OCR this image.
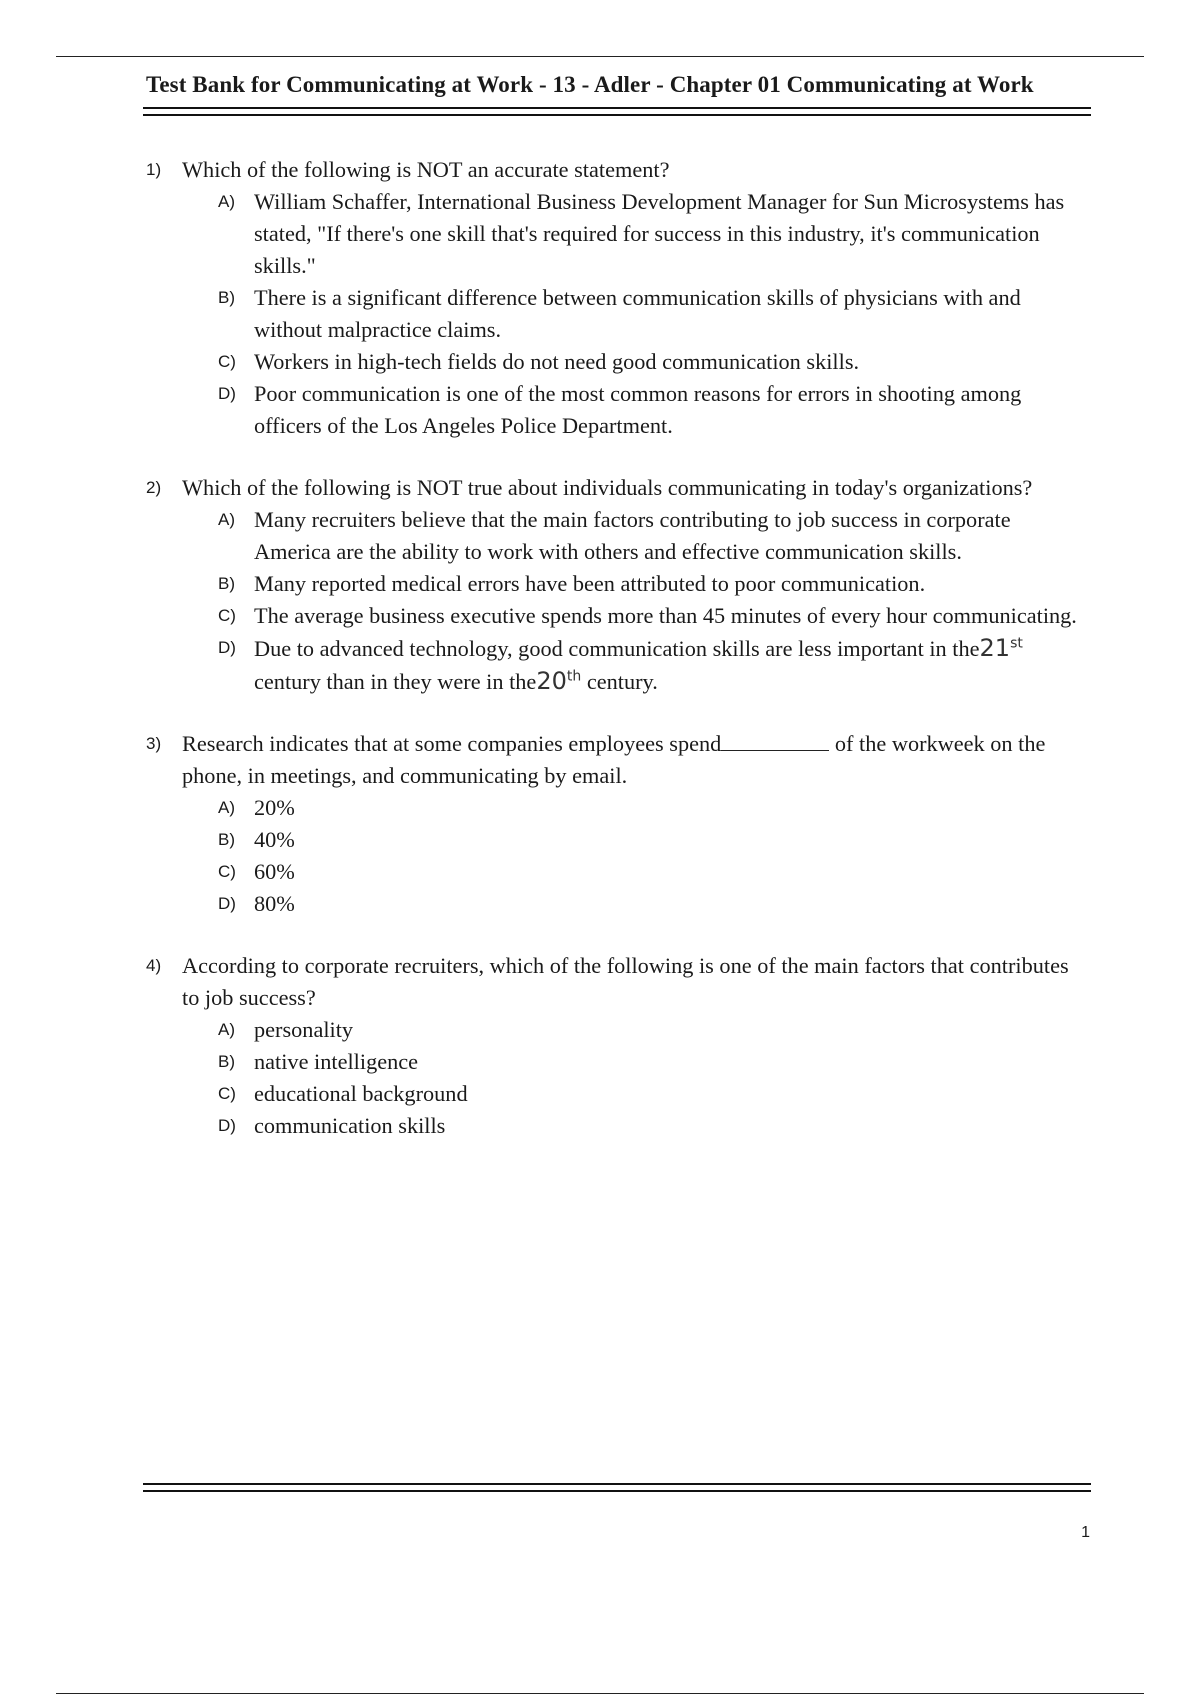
Test Bank for Communicating at Work - 13 - Adler - Chapter 01 Communicating at Work
1) Which of the following is NOT an accurate statement?
A) William Schaffer, International Business Development Manager for Sun Microsystems has stated, "If there's one skill that's required for success in this industry, it's communication skills."
B) There is a significant difference between communication skills of physicians with and without malpractice claims.
C) Workers in high-tech fields do not need good communication skills.
D) Poor communication is one of the most common reasons for errors in shooting among officers of the Los Angeles Police Department.
2) Which of the following is NOT true about individuals communicating in today's organizations?
A) Many recruiters believe that the main factors contributing to job success in corporate America are the ability to work with others and effective communication skills.
B) Many reported medical errors have been attributed to poor communication.
C) The average business executive spends more than 45 minutes of every hour communicating.
D) Due to advanced technology, good communication skills are less important in the21st century than in they were in the20th century.
3) Research indicates that at some companies employees spend	of the workweek on the phone, in meetings, and communicating by email.
A) 20%
B) 40%
C) 60%
D) 80%
4) According to corporate recruiters, which of the following is one of the main factors that contributes to job success?
A) personality
B) native intelligence
C) educational background
D) communication skills
1
